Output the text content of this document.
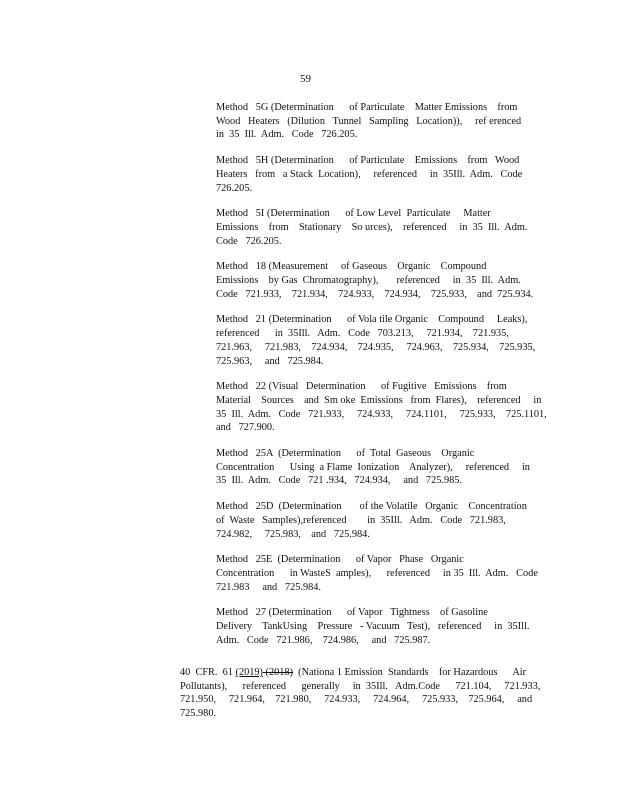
59
Method   5G (Determination      of Particulate    Matter Emissions    from
Wood   Heaters   (Dilution   Tunnel   Sampling   Location)),     ref erenced
in  35  Ill.  Adm.   Code   726.205.
Method   5H (Determination      of Particulate    Emissions    from   Wood
Heaters   from   a Stack  Location),     referenced     in  35Ill.  Adm.   Code
726.205.
Method   5I (Determination      of Low Level  Particulate     Matter
Emissions    from    Stationary    So urces),    referenced     in  35  Ill.  Adm.
Code   726.205.
Method   18 (Measurement     of Gaseous    Organic    Compound
Emissions    by Gas  Chromatography),       referenced     in  35  Ill.  Adm.
Code   721.933,    721.934,    724.933,    724.934,    725.933,    and  725.934.
Method   21 (Determination      of Vola tile Organic    Compound     Leaks),
referenced      in  35Ill.   Adm.   Code   703.213,     721.934,    721.935,
721.963,     721.983,    724.934,    724.935,     724.963,    725.934,    725.935,
725.963,     and   725.984.
Method   22 (Visual   Determination      of Fugitive   Emissions    from
Material    Sources    and  Sm oke  Emissions   from  Flares),    referenced     in
35  Ill.  Adm.   Code   721.933,     724.933,     724.1101,     725.933,    725.1101,
and   727.900.
Method   25A  (Determination      of  Total  Gaseous    Organic
Concentration      Using  a Flame  Ionization    Analyzer),     referenced     in
35  Ill.  Adm.   Code   721 .934,   724.934,     and   725.985.
Method   25D  (Determination       of the Volatile   Organic    Concentration
of  Waste   Samples),referenced        in  35Ill.   Adm.   Code   721.983,
724.982,     725.983,    and   725.984.
Method   25E  (Determination      of Vapor   Phase   Organic
Concentration      in WasteS  amples),      referenced     in 35  Ill.  Adm.   Code
721.983     and   725.984.
Method   27 (Determination      of Vapor   Tightness    of Gasoline
Delivery    TankUsing    Pressure   - Vacuum   Test),   referenced     in  35Ill.
Adm.   Code   721.986,    724.986,     and   725.987.
40  CFR.  61 (2019) (2018)  (Nationa 1 Emission  Standards    for Hazardous      Air
Pollutants),      referenced      generally     in  35Ill.   Adm.Code      721.104,     721.933,
721.950,     721.964,    721.980,     724.933,     724.964,     725.933,    725.964,     and
725.980.
